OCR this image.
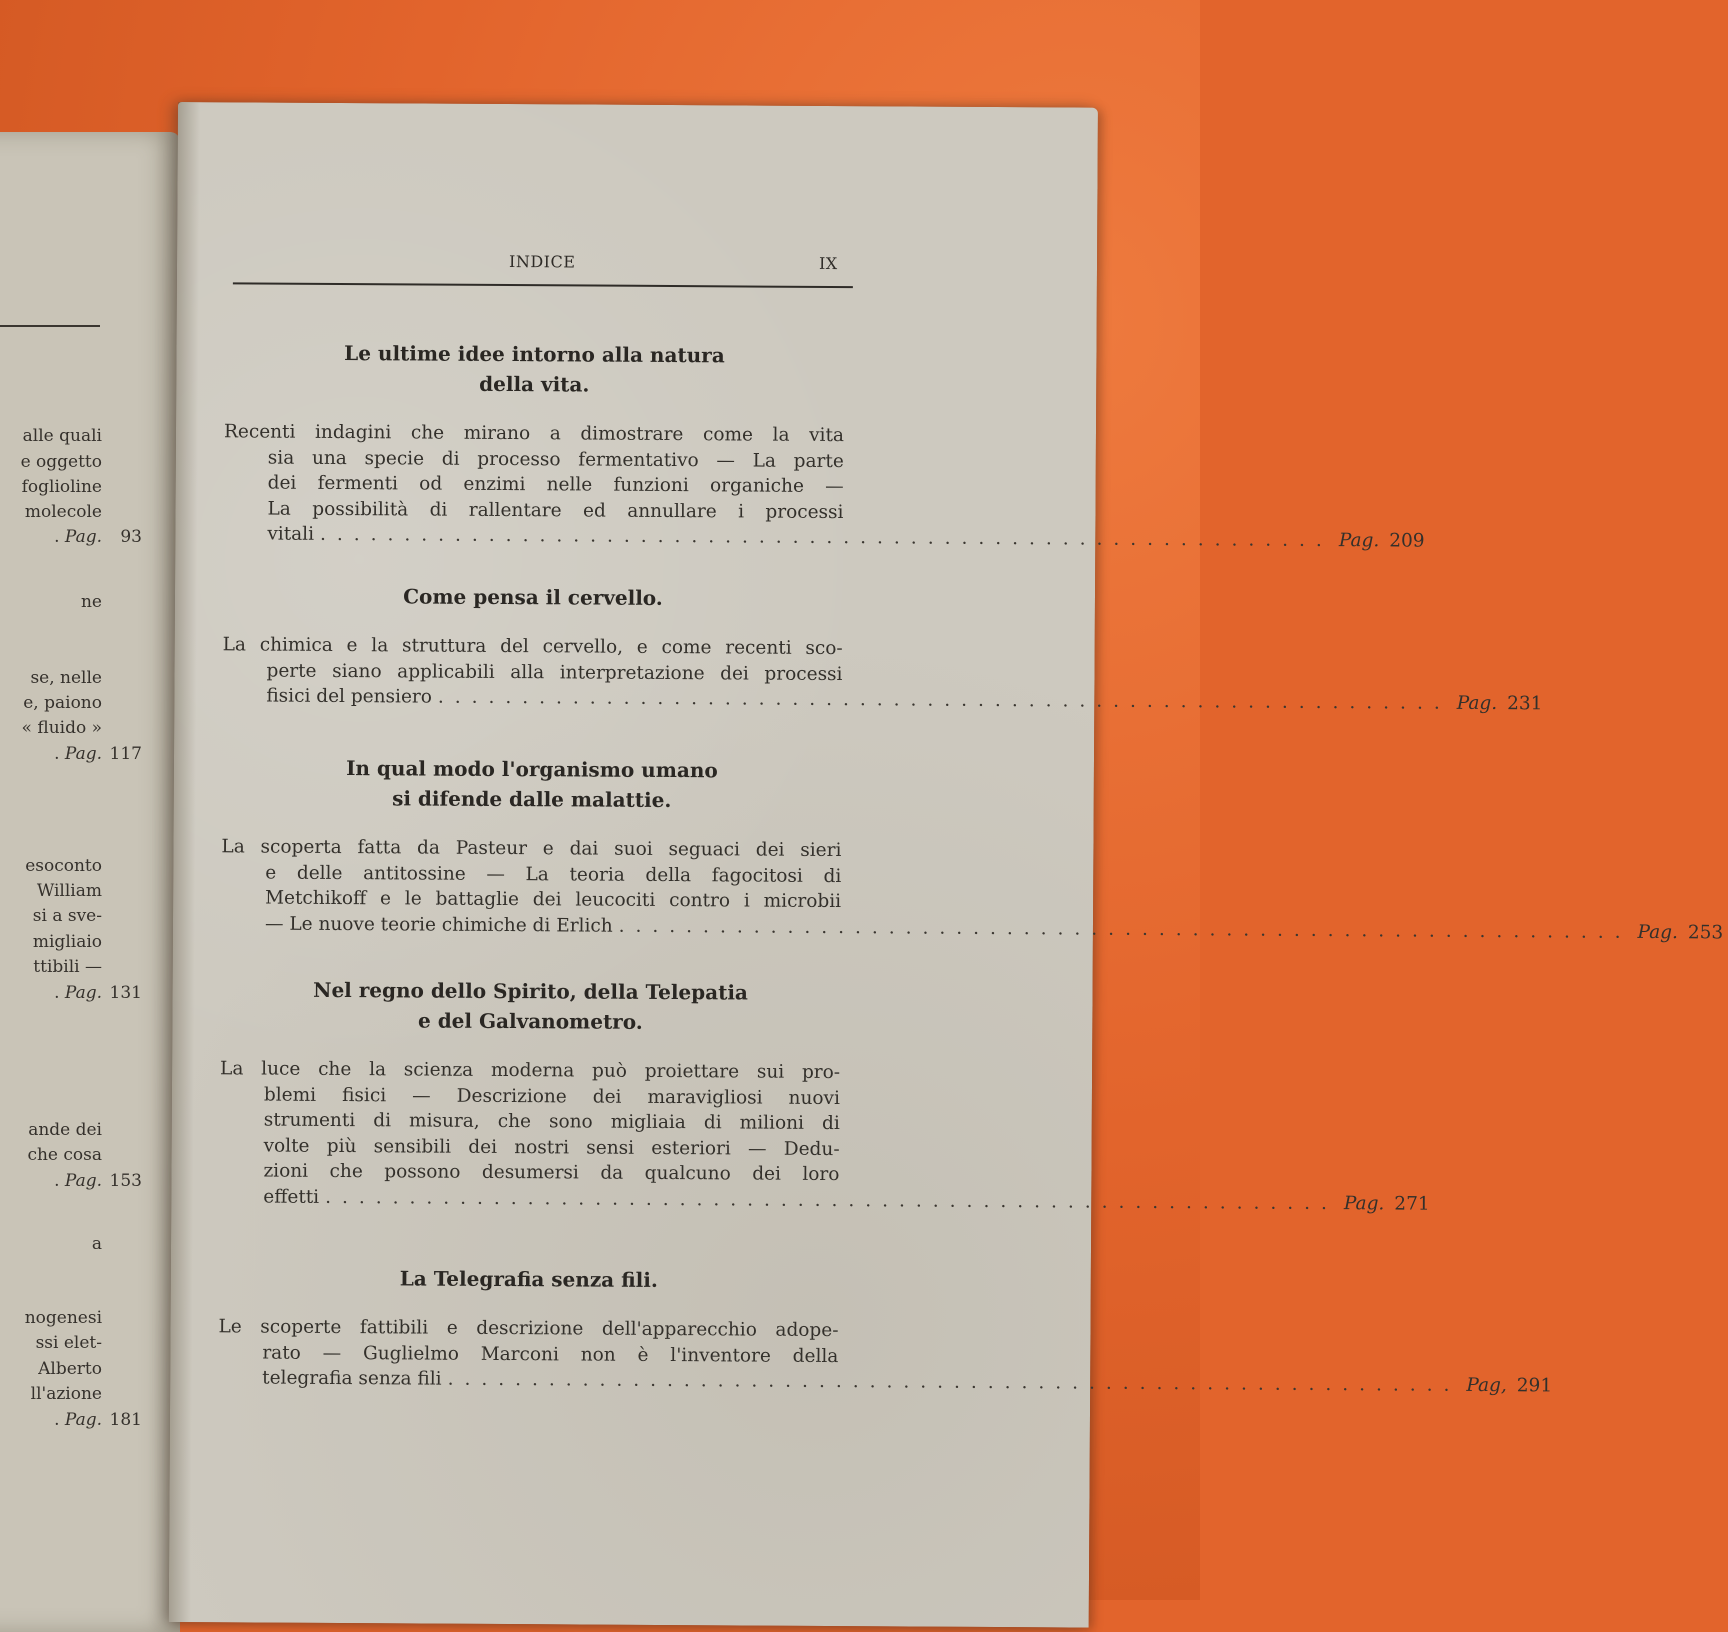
alle quali
e oggetto
foglioline
molecole
. Pag. 93
ne
se, nelle
e, paiono
« fluido »
. Pag. 117
esoconto
William
si a sve-
migliaio
ttibili —
. Pag. 131
ande dei
che cosa
. Pag. 153
a
nogenesi
ssi elet-
Alberto
ll'azione
. Pag. 181
INDICE	IX
Le ultime idee intorno alla natura
della vita.
Recenti indagini che mirano a dimostrare come la vita
sia una specie di processo fermentativo — La parte
dei fermenti od enzimi nelle funzioni organiche —
La possibilità di rallentare ed annullare i processi
vitali ............................................................ Pag. 209
Come pensa il cervello.
La chimica e la struttura del cervello, e come recenti sco-
perte siano applicabili alla interpretazione dei processi
fisici del pensiero ............................................................ Pag. 231
In qual modo l'organismo umano
si difende dalle malattie.
La scoperta fatta da Pasteur e dai suoi seguaci dei sieri
e delle antitossine — La teoria della fagocitosi di
Metchikoff e le battaglie dei leucociti contro i microbii
— Le nuove teorie chimiche di Erlich ............................................................ Pag. 253
Nel regno dello Spirito, della Telepatia
e del Galvanometro.
La luce che la scienza moderna può proiettare sui pro-
blemi fisici — Descrizione dei maravigliosi nuovi
strumenti di misura, che sono migliaia di milioni di
volte più sensibili dei nostri sensi esteriori — Dedu-
zioni che possono desumersi da qualcuno dei loro
effetti ............................................................ Pag. 271
La Telegrafia senza fili.
Le scoperte fattibili e descrizione dell'apparecchio adope-
rato — Guglielmo Marconi non è l'inventore della
telegrafia senza fili ............................................................ Pag, 291
